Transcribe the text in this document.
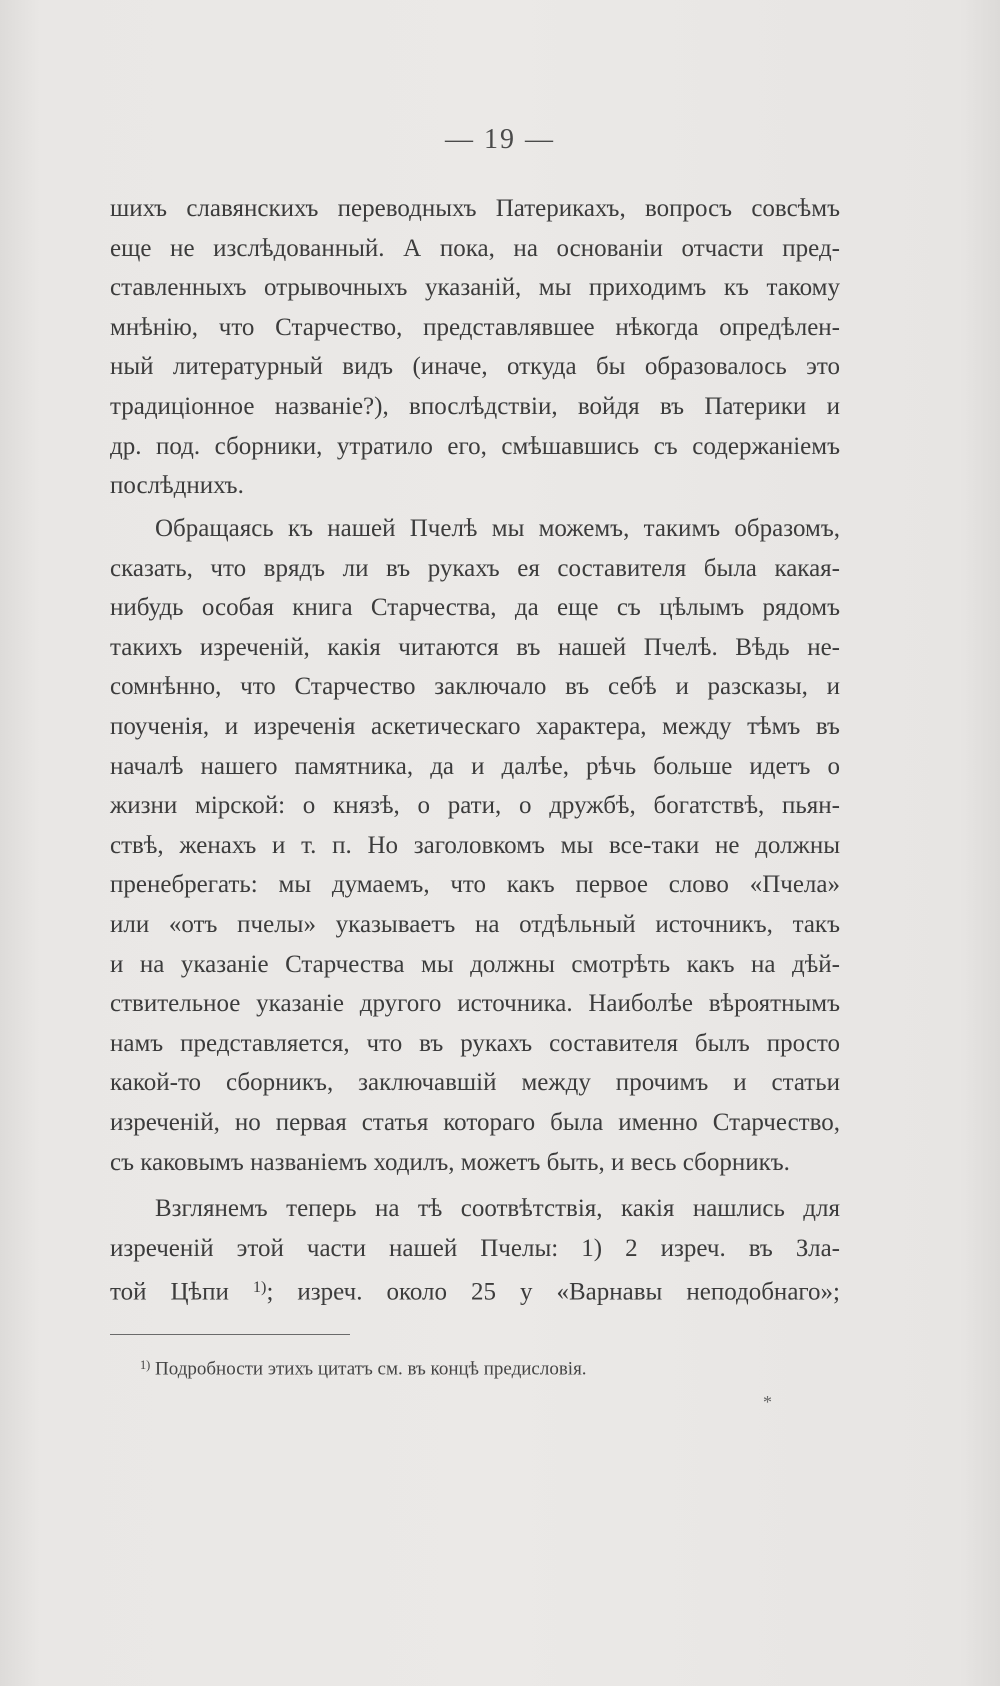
— 19 —
шихъ славянскихъ переводныхъ Патерикахъ, вопросъ совсѣмъ
еще не изслѣдованный. А пока, на основаніи отчасти пред-
ставленныхъ отрывочныхъ указаній, мы приходимъ къ такому
мнѣнію, что Старчество, представлявшее нѣкогда опредѣлен-
ный литературный видъ (иначе, откуда бы образовалось это
традиціонное названіе?), впослѣдствіи, войдя въ Патерики и
др. под. сборники, утратило его, смѣшавшись съ содержаніемъ
послѣднихъ.
Обращаясь къ нашей Пчелѣ мы можемъ, такимъ образомъ,
сказать, что врядъ ли въ рукахъ ея составителя была какая-
нибудь особая книга Старчества, да еще съ цѣлымъ рядомъ
такихъ изреченій, какія читаются въ нашей Пчелѣ. Вѣдь не-
сомнѣнно, что Старчество заключало въ себѣ и разсказы, и
поученія, и изреченія аскетическаго характера, между тѣмъ въ
началѣ нашего памятника, да и далѣе, рѣчь больше идетъ о
жизни мірской: о князѣ, о рати, о дружбѣ, богатствѣ, пьян-
ствѣ, женахъ и т. п. Но заголовкомъ мы все-таки не должны
пренебрегать: мы думаемъ, что какъ первое слово «Пчела»
или «отъ пчелы» указываетъ на отдѣльный источникъ, такъ
и на указаніе Старчества мы должны смотрѣть какъ на дѣй-
ствительное указаніе другого источника. Наиболѣе вѣроятнымъ
намъ представляется, что въ рукахъ составителя былъ просто
какой-то сборникъ, заключавшій между прочимъ и статьи
изреченій, но первая статья котораго была именно Старчество,
съ каковымъ названіемъ ходилъ, можетъ быть, и весь сборникъ.
Взглянемъ теперь на тѣ соотвѣтствія, какія нашлись для
изреченій этой части нашей Пчелы: 1) 2 изреч. въ Зла-
той Цѣпи $^{1)}$; изреч. около 25 у «Варнавы неподобнаго»;
$^{1)}$ Подробности этихъ цитатъ см. въ концѣ предисловія.
*
